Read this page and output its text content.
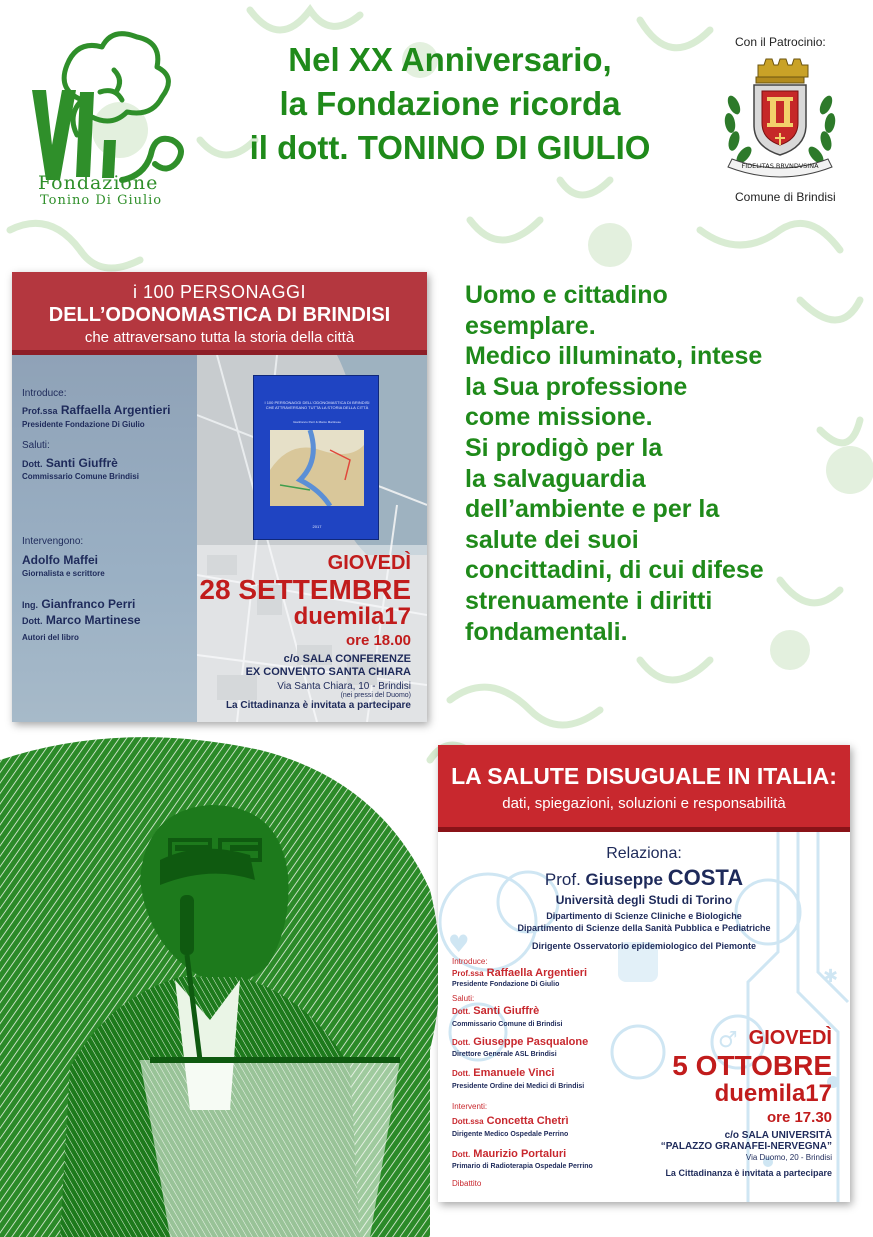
Fondazione
Tonino Di Giulio
Nel XX Anniversario,
la Fondazione ricorda
il dott. TONINO DI GIULIO
Con il Patrocinio:
FIDELITAS BRVNDVSINA
Comune di Brindisi
i 100 PERSONAGGI
DELL’ODONOMASTICA DI BRINDISI
che attraversano tutta la storia della città
I 100 PERSONAGGI DELL'ODONOMASTICA DI BRINDISI CHE ATTRAVERSANO TUTTA LA STORIA DELLA CITTÀ
Gianfranco Perri & Marco Martinese
2017
Introduce:
Prof.ssa Raffaella Argentieri
Presidente Fondazione Di Giulio
Saluti:
Dott. Santi Giuffrè
Commissario Comune Brindisi
Intervengono:
Adolfo Maffei
Giornalista e scrittore
Ing. Gianfranco Perri
Dott. Marco Martinese
Autori del libro
GIOVEDÌ
28 SETTEMBRE
duemila17
ore 18.00
c/o SALA CONFERENZE
EX CONVENTO SANTA CHIARA
Via Santa Chiara, 10 - Brindisi
(nei pressi del Duomo)
La Cittadinanza è invitata a partecipare
Uomo e cittadino
esemplare.
Medico illuminato, intese
la Sua professione
come missione.
Si prodigò per la
la salvaguardia
dell’ambiente e per la
salute dei suoi
concittadini, di cui difese
strenuamente i diritti
fondamentali.
♂
✱
♥
LA SALUTE DISUGUALE IN ITALIA:
dati, spiegazioni, soluzioni e responsabilità
Relaziona:
Prof. Giuseppe COSTA
Università degli Studi di Torino
Dipartimento di Scienze Cliniche e Biologiche
Dipartimento di Scienze della Sanità Pubblica e Pediatriche
Dirigente Osservatorio epidemiologico del Piemonte
Introduce:
Prof.ssa Raffaella Argentieri
Presidente Fondazione Di Giulio
Saluti:
Dott. Santi Giuffrè
Commissario Comune di Brindisi
Dott. Giuseppe Pasqualone
Direttore Generale ASL Brindisi
Dott. Emanuele Vinci
Presidente Ordine dei Medici di Brindisi
Interventi:
Dott.ssa Concetta Chetrì
Dirigente Medico Ospedale Perrino
Dott. Maurizio Portaluri
Primario di Radioterapia Ospedale Perrino
Dibattito
GIOVEDÌ
5 OTTOBRE
duemila17
ore 17.30
c/o SALA UNIVERSITÀ
“PALAZZO GRANAFEI-NERVEGNA”
Via Duomo, 20 - Brindisi
La Cittadinanza è invitata a partecipare
